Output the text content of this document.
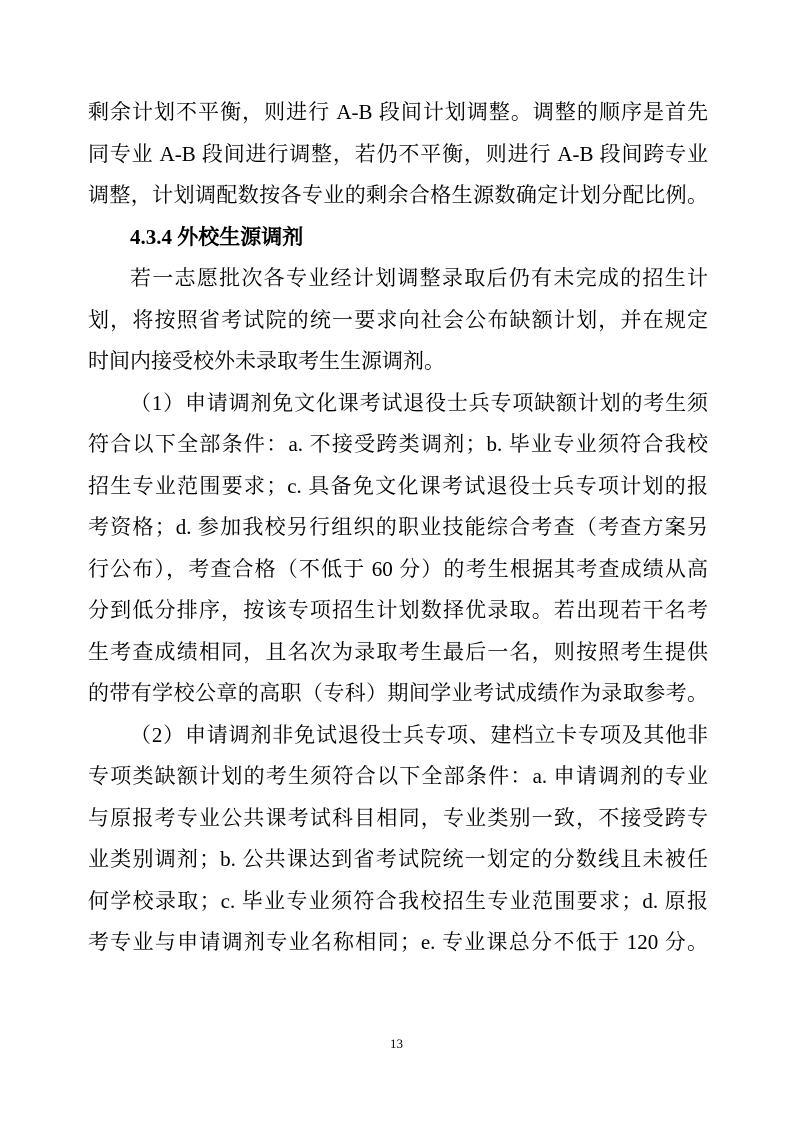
剩余计划不平衡，则进行 A-B 段间计划调整。调整的顺序是首先
同专业 A-B 段间进行调整，若仍不平衡，则进行 A-B 段间跨专业
调整，计划调配数按各专业的剩余合格生源数确定计划分配比例。
4.3.4 外校生源调剂
若一志愿批次各专业经计划调整录取后仍有未完成的招生计
划，将按照省考试院的统一要求向社会公布缺额计划，并在规定
时间内接受校外未录取考生生源调剂。
（1）申请调剂免文化课考试退役士兵专项缺额计划的考生须
符合以下全部条件：a. 不接受跨类调剂；b. 毕业专业须符合我校
招生专业范围要求；c. 具备免文化课考试退役士兵专项计划的报
考资格；d. 参加我校另行组织的职业技能综合考查（考查方案另
行公布），考查合格（不低于 60 分）的考生根据其考查成绩从高
分到低分排序，按该专项招生计划数择优录取。若出现若干名考
生考查成绩相同，且名次为录取考生最后一名，则按照考生提供
的带有学校公章的高职（专科）期间学业考试成绩作为录取参考。
（2）申请调剂非免试退役士兵专项、建档立卡专项及其他非
专项类缺额计划的考生须符合以下全部条件：a. 申请调剂的专业
与原报考专业公共课考试科目相同，专业类别一致，不接受跨专
业类别调剂；b. 公共课达到省考试院统一划定的分数线且未被任
何学校录取；c. 毕业专业须符合我校招生专业范围要求；d. 原报
考专业与申请调剂专业名称相同；e. 专业课总分不低于 120 分。
13
